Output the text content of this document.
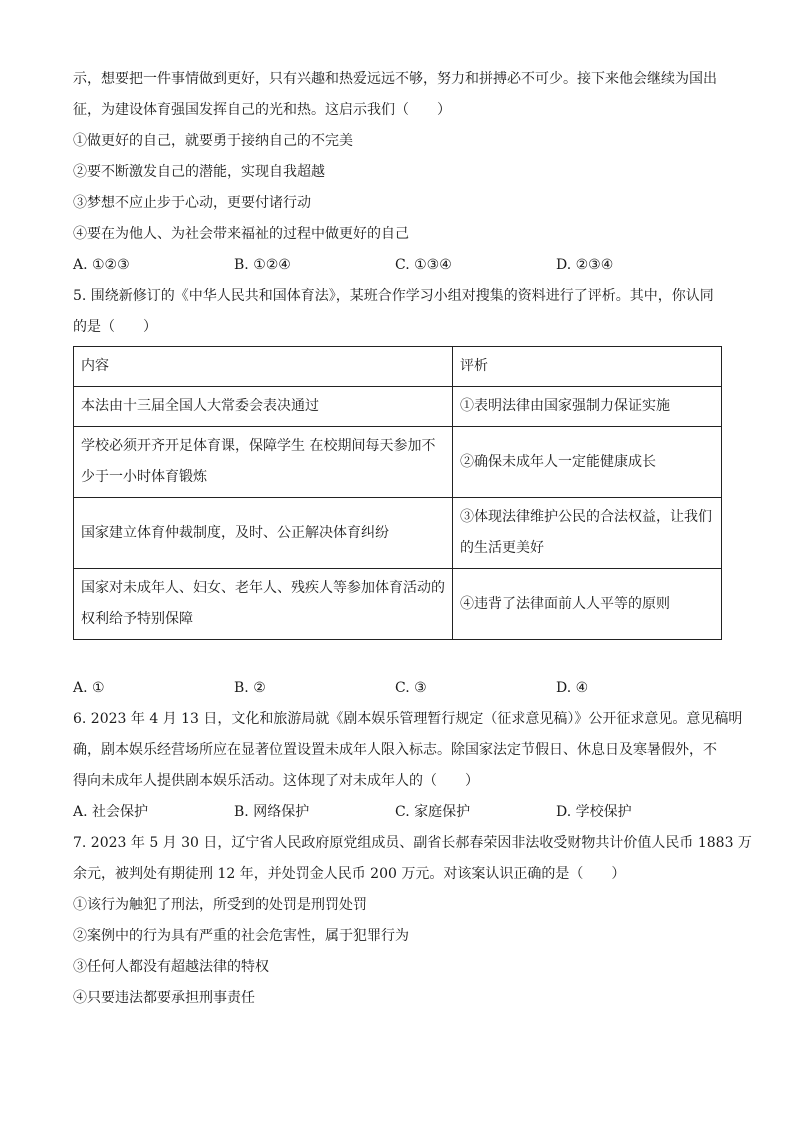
示，想要把一件事情做到更好，只有兴趣和热爱远远不够，努力和拼搏必不可少。接下来他会继续为国出
征，为建设体育强国发挥自己的光和热。这启示我们（　　）
①做更好的自己，就要勇于接纳自己的不完美
②要不断激发自己的潜能，实现自我超越
③梦想不应止步于心动，更要付诸行动
④要在为他人、为社会带来福祉的过程中做更好的自己
A. ①②③	B. ①②④	C. ①③④	D. ②③④
5. 围绕新修订的《中华人民共和国体育法》，某班合作学习小组对搜集的资料进行了评析。其中，你认同
的是（　　）
内容	评析
本法由十三届全国人大常委会表决通过	①表明法律由国家强制力保证实施
学校必须开齐开足体育课，保障学生 在校期间每天参加不少于一小时体育锻炼	②确保未成年人一定能健康成长
国家建立体育仲裁制度，及时、公正解决体育纠纷	③体现法律维护公民的合法权益，让我们的生活更美好
国家对未成年人、妇女、老年人、残疾人等参加体育活动的权利给予特别保障	④违背了法律面前人人平等的原则
A. ①	B. ②	C. ③	D. ④
6. 2023 年 4 月 13 日，文化和旅游局就《剧本娱乐管理暂行规定（征求意见稿）》公开征求意见。意见稿明
确，剧本娱乐经营场所应在显著位置设置未成年人限入标志。除国家法定节假日、休息日及寒暑假外，不
得向未成年人提供剧本娱乐活动。这体现了对未成年人的（　　）
A. 社会保护	B. 网络保护	C. 家庭保护	D. 学校保护
7. 2023 年 5 月 30 日，辽宁省人民政府原党组成员、副省长郝春荣因非法收受财物共计价值人民币 1883 万
余元，被判处有期徒刑 12 年，并处罚金人民币 200 万元。对该案认识正确的是（　　）
①该行为触犯了刑法，所受到的处罚是刑罚处罚
②案例中的行为具有严重的社会危害性，属于犯罪行为
③任何人都没有超越法律的特权
④只要违法都要承担刑事责任
